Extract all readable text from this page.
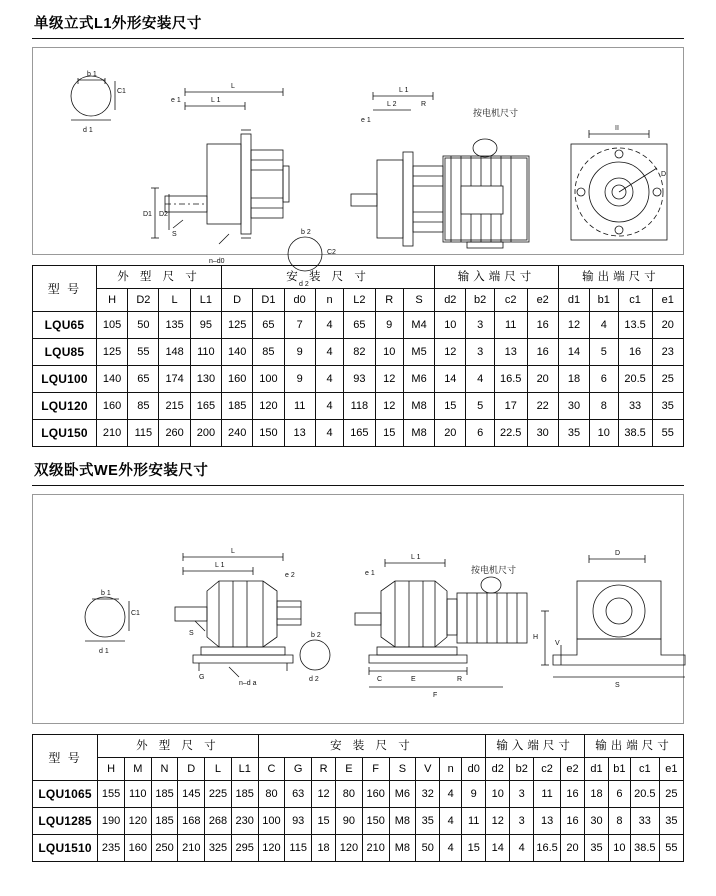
单级立式L1外形安装尺寸
b 1
C1
d 1
L
L 1
D1 D2
S
e 1
n–d0
b 2
C2
d 2
L 1
L 2	R
e 1
按电机尺寸
II
D
型 号	外 型 尺 寸				安 装 尺 寸							输入端尺寸				输出端尺寸			
	H	D2	L	L1	D	D1	d0	n	L2	R	S	d2	b2	c2	e2	d1	b1	c1	e1
LQU65	105	50	135	95	125	65	7	4	65	9	M4	10	3	11	16	12	4	13.5	20
LQU85	125	55	148	110	140	85	9	4	82	10	M5	12	3	13	16	14	5	16	23
LQU100	140	65	174	130	160	100	9	4	93	12	M6	14	4	16.5	20	18	6	20.5	25
LQU120	160	85	215	165	185	120	11	4	118	12	M8	15	5	17	22	30	8	33	35
LQU150	210	115	260	200	240	150	13	4	165	15	M8	20	6	22.5	30	35	10	38.5	55
双级卧式WE外形安装尺寸
b 1
C1
d 1
L
L 1
S
e 2
G
n–d a
b 2
d 2
L 1
e 1
E
C	R
F
按电机尺寸
D
H
V
S
型 号	外 型 尺 寸						安 装 尺 寸									输入端尺寸				输出端尺寸			
	H	M	N	D	L	L1	C	G	R	E	F	S	V	n	d0	d2	b2	c2	e2	d1	b1	c1	e1
LQU1065	155	110	185	145	225	185	80	63	12	80	160	M6	32	4	9	10	3	11	16	18	6	20.5	25
LQU1285	190	120	185	168	268	230	100	93	15	90	150	M8	35	4	11	12	3	13	16	30	8	33	35
LQU1510	235	160	250	210	325	295	120	115	18	120	210	M8	50	4	15	14	4	16.5	20	35	10	38.5	55
